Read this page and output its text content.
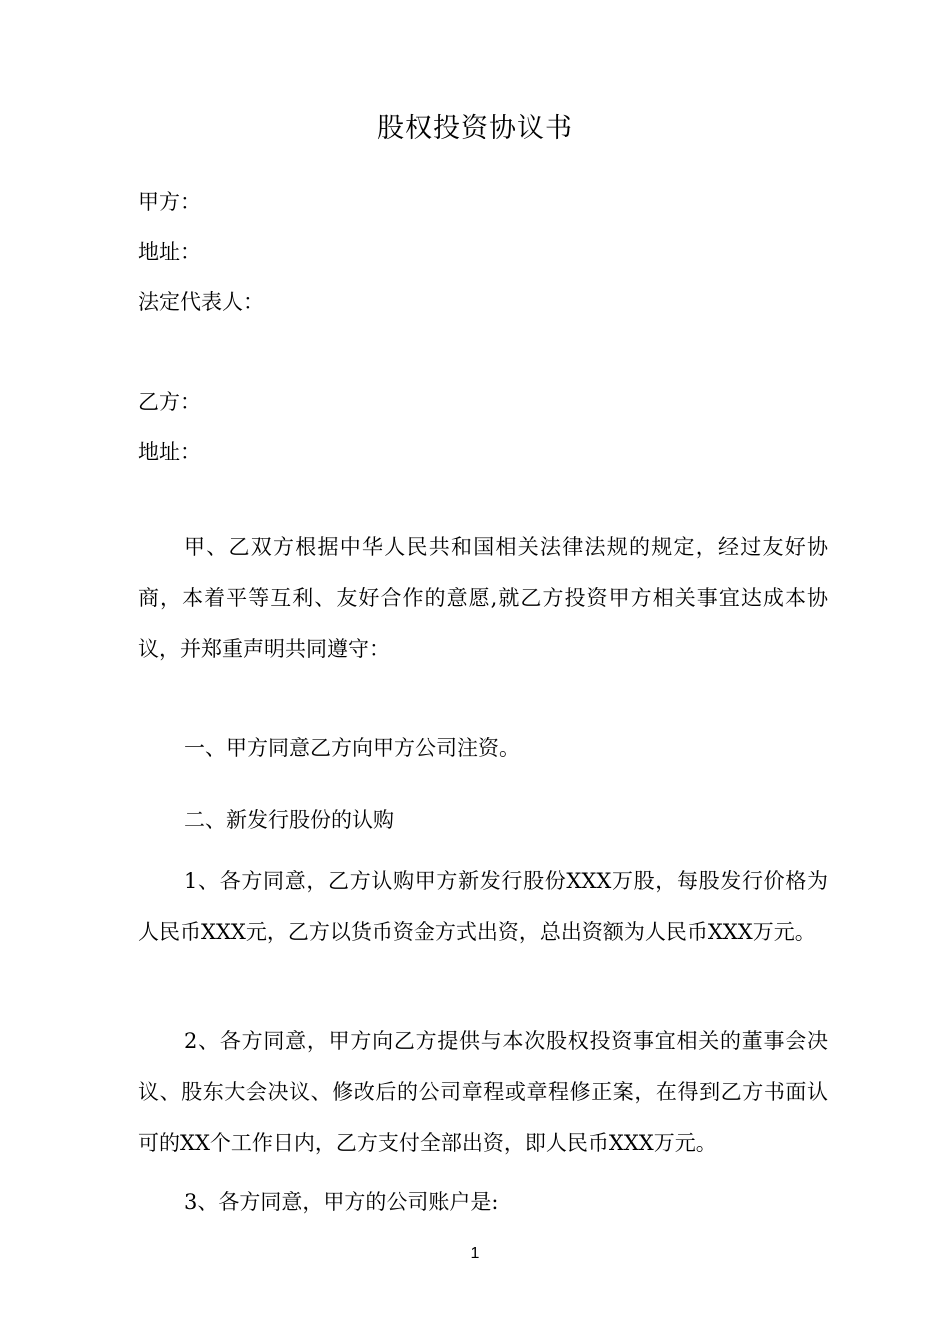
股权投资协议书
甲方：
地址：
法定代表人：
乙方：
地址：
甲、乙双方根据中华人民共和国相关法律法规的规定，经过友好协商，本着平等互利、友好合作的意愿,就乙方投资甲方相关事宜达成本协议，并郑重声明共同遵守：
一、甲方同意乙方向甲方公司注资。
二、新发行股份的认购
1、各方同意，乙方认购甲方新发行股份XXX万股，每股发行价格为人民币XXX元，乙方以货币资金方式出资，总出资额为人民币XXX万元。
2、各方同意，甲方向乙方提供与本次股权投资事宜相关的董事会决议、股东大会决议、修改后的公司章程或章程修正案，在得到乙方书面认可的XX个工作日内，乙方支付全部出资，即人民币XXX万元。
3、各方同意，甲方的公司账户是:
1
